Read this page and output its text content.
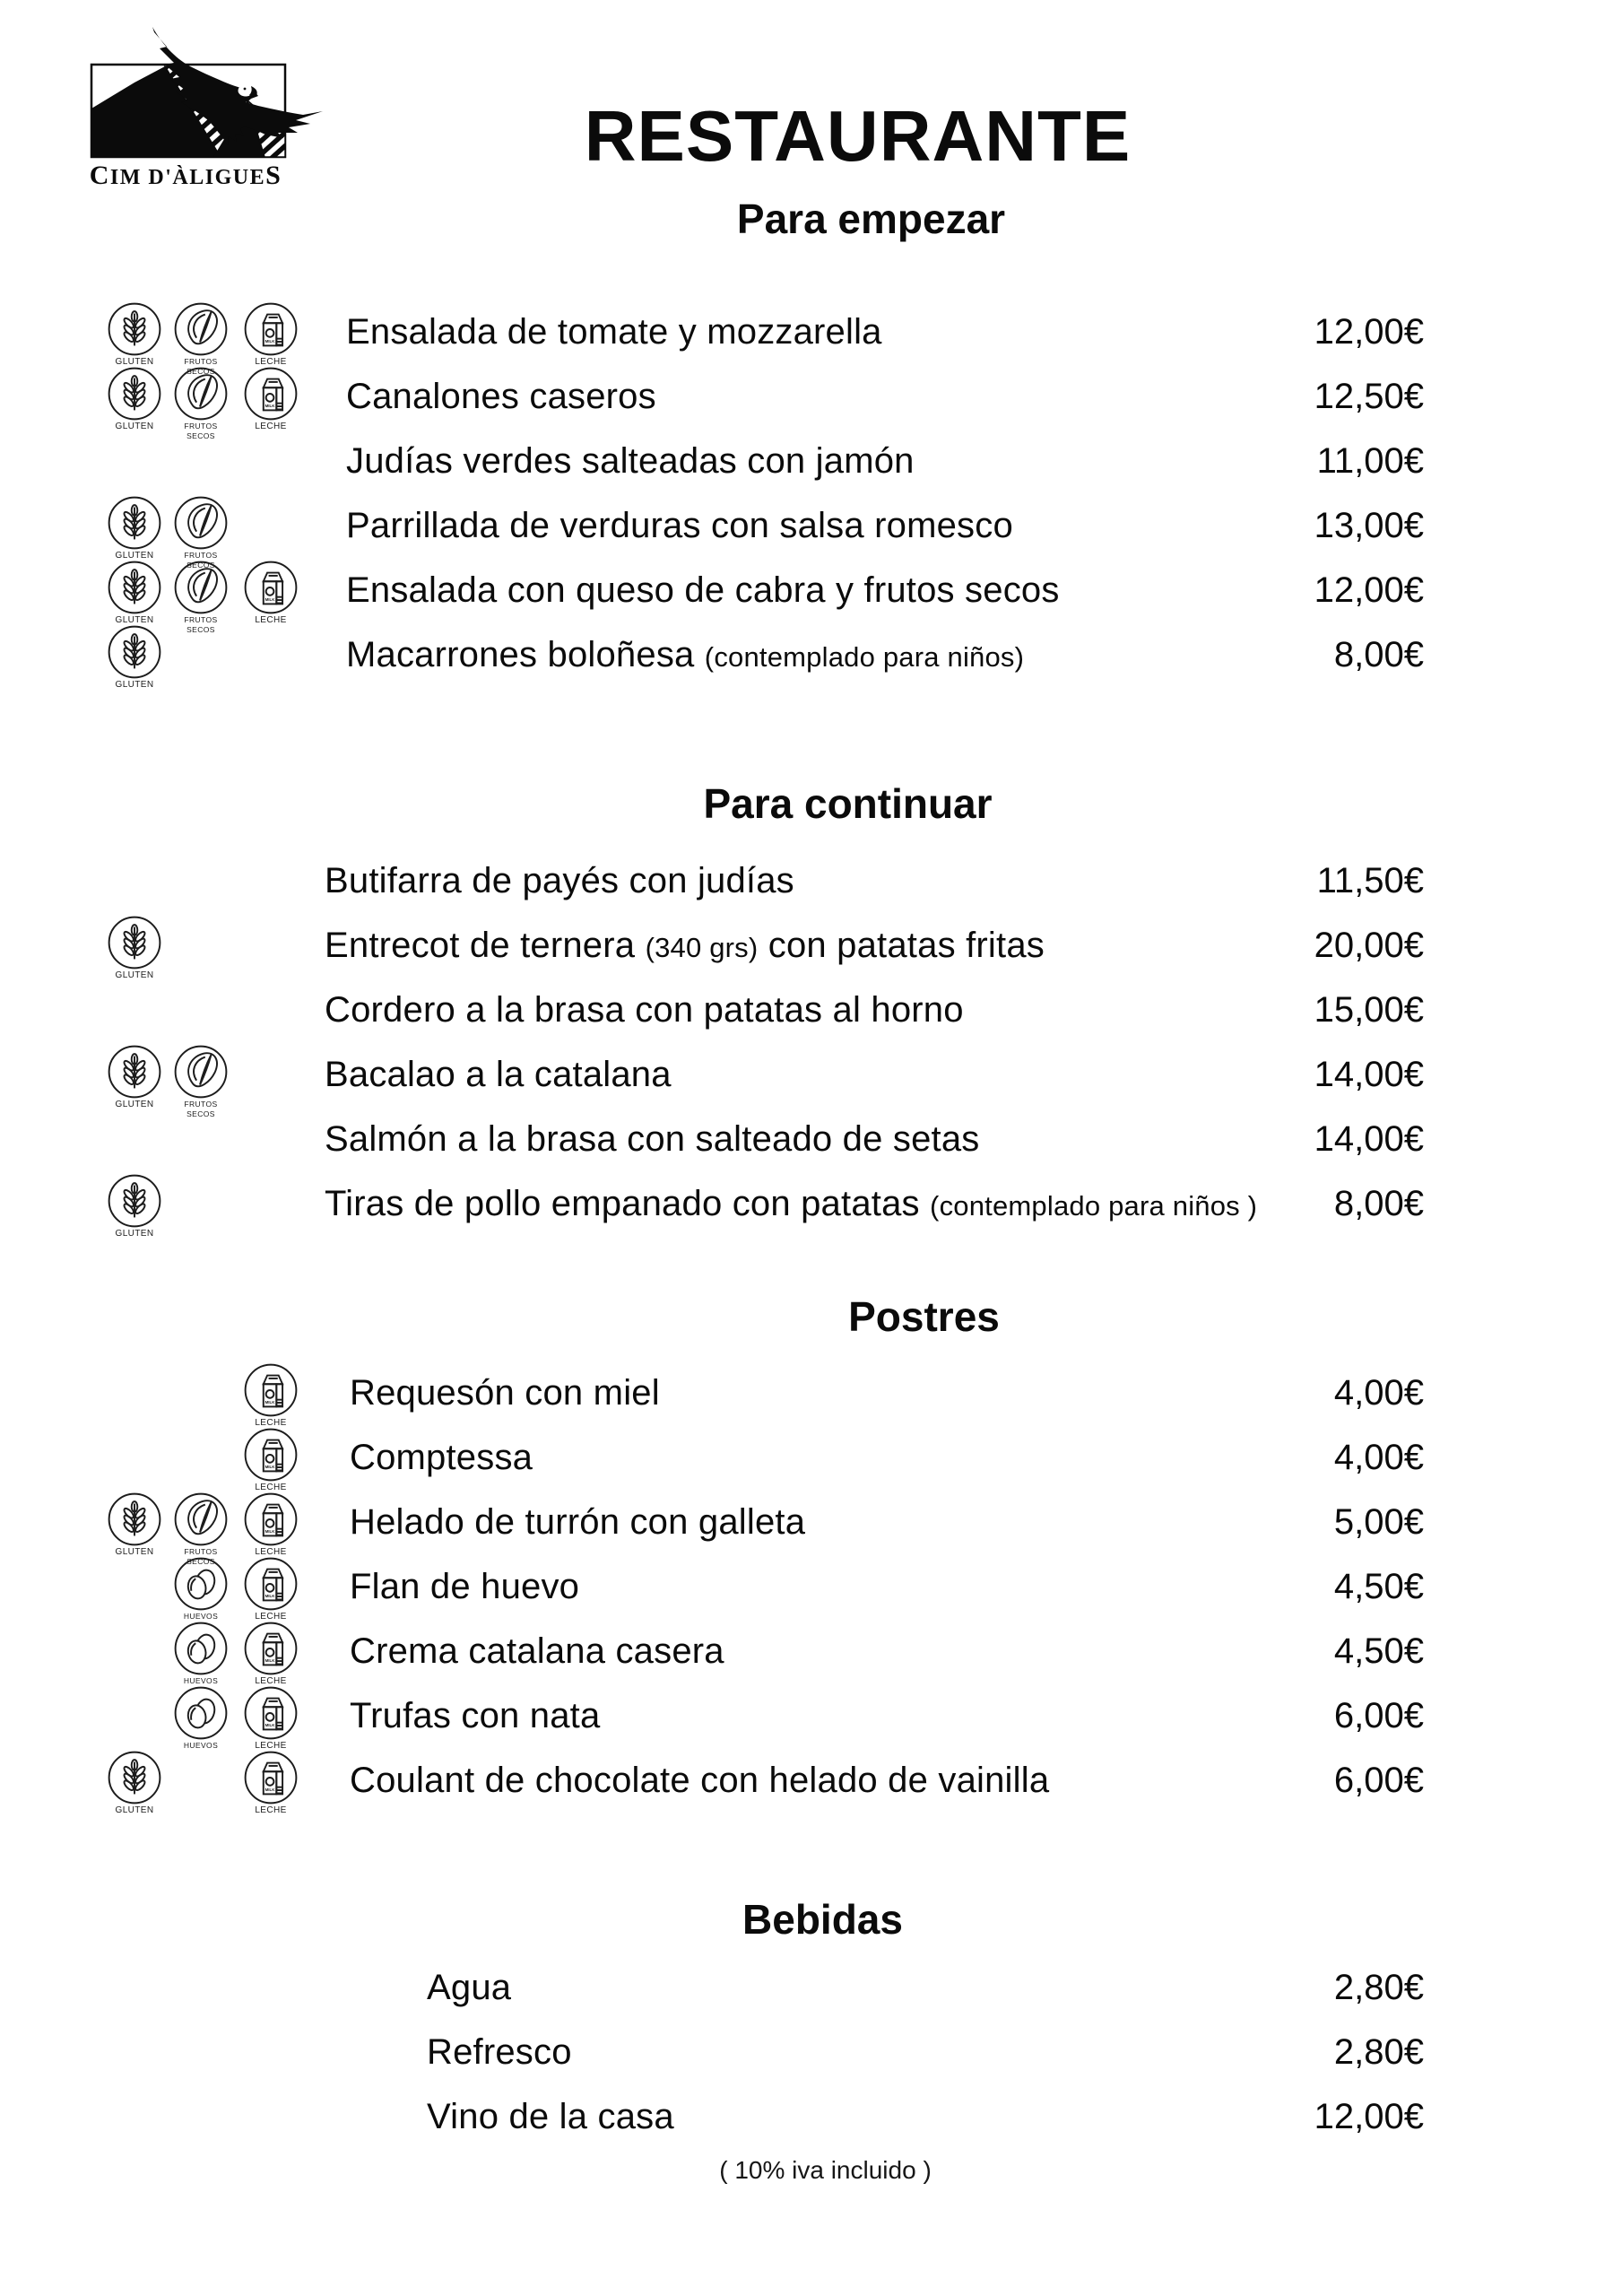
CIM D'ÀLIGUES	RESTAURANTE
Para empezar
GLUTEN	FRUTOS SECOS
MILK
LECHE
Ensalada de tomate y mozzarella	12,00€
GLUTEN	FRUTOS SECOS
MILK
LECHE
Canalones caseros	12,50€
Judías verdes salteadas con jamón	11,00€
GLUTEN	FRUTOS SECOS
Parrillada de verduras con salsa romesco	13,00€
GLUTEN	FRUTOS SECOS
MILK
LECHE
Ensalada con queso de cabra y frutos secos	12,00€
GLUTEN
Macarrones boloñesa (contemplado para niños)	8,00€
Para continuar
Butifarra de payés con judías	11,50€
GLUTEN
Entrecot de ternera (340 grs) con patatas fritas	20,00€
Cordero a la brasa con patatas al horno	15,00€
GLUTEN	FRUTOS SECOS
Bacalao a la catalana	14,00€
Salmón a la brasa con salteado de setas	14,00€
GLUTEN
Tiras de pollo empanado con patatas (contemplado para niños )	8,00€
Postres
MILK
LECHE
Requesón con miel	4,00€
MILK
LECHE
Comptessa	4,00€
GLUTEN	FRUTOS SECOS
MILK
LECHE
Helado de turrón con galleta	5,00€
HUEVOS
MILK
LECHE
Flan de huevo	4,50€
HUEVOS
MILK
LECHE
Crema catalana casera	4,50€
HUEVOS
MILK
LECHE
Trufas con nata	6,00€
GLUTEN
MILK
LECHE
Coulant de chocolate con helado de vainilla	6,00€
Bebidas
Agua	2,80€
Refresco	2,80€
Vino de la casa	12,00€
( 10% iva incluido )
